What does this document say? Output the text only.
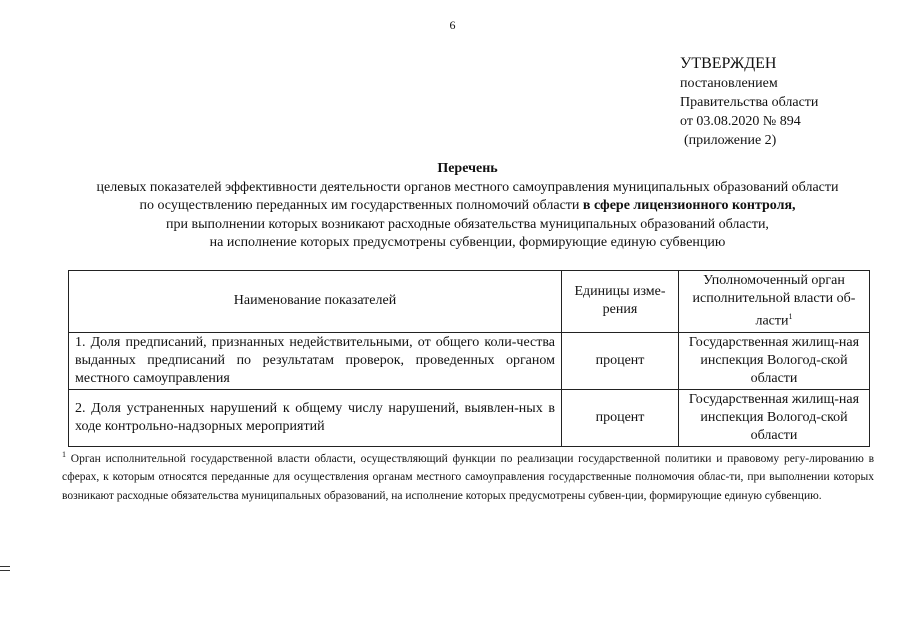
6
УТВЕРЖДЕН
постановлением
Правительства области
от 03.08.2020 № 894
(приложение 2)
Перечень
целевых показателей эффективности деятельности органов местного самоуправления муниципальных образований области
по осуществлению переданных им государственных полномочий области в сфере лицензионного контроля,
при выполнении которых возникают расходные обязательства муниципальных образований области,
на исполнение которых предусмотрены субвенции, формирующие единую субвенцию
Наименование показателей	Единицы изме-рения	Уполномоченный орган исполнительной власти об-ласти$^1$
1. Доля предписаний, признанных недействительными, от общего коли-чества выданных предписаний по результатам проверок, проведенных органом местного самоуправления	процент	Государственная жилищ-ная инспекция Вологод-ской области
2. Доля устраненных нарушений к общему числу нарушений, выявлен-ных в ходе контрольно-надзорных мероприятий	процент	Государственная жилищ-ная инспекция Вологод-ской области
$^1$ Орган исполнительной государственной власти области, осуществляющий функции по реализации государственной политики и правовому регу-лированию в сферах, к которым относятся переданные для осуществления органам местного самоуправления государственные полномочия облас-ти, при выполнении которых возникают расходные обязательства муниципальных образований, на исполнение которых предусмотрены субвен-ции, формирующие единую субвенцию.
